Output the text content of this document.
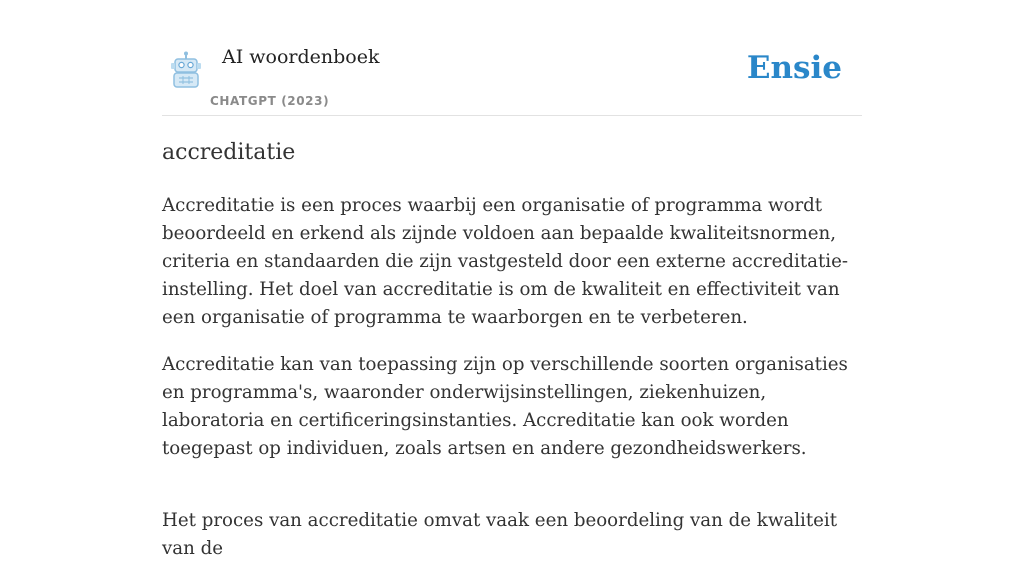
AI woordenboek
CHATGPT (2023)
Ensie
accreditatie

Accreditatie is een proces waarbij een organisatie of programma wordt beoordeeld en erkend als zijnde voldoen aan bepaalde kwaliteitsnormen, criteria en standaarden die zijn vastgesteld door een externe accreditatie-instelling. Het doel van accreditatie is om de kwaliteit en effectiviteit van een organisatie of programma te waarborgen en te verbeteren.

Accreditatie kan van toepassing zijn op verschillende soorten organisaties en programma's, waaronder onderwijsinstellingen, ziekenhuizen, laboratoria en certificeringsinstanties. Accreditatie kan ook worden toegepast op individuen, zoals artsen en andere gezondheidswerkers.

Het proces van accreditatie omvat vaak een beoordeling van de kwaliteit van de
